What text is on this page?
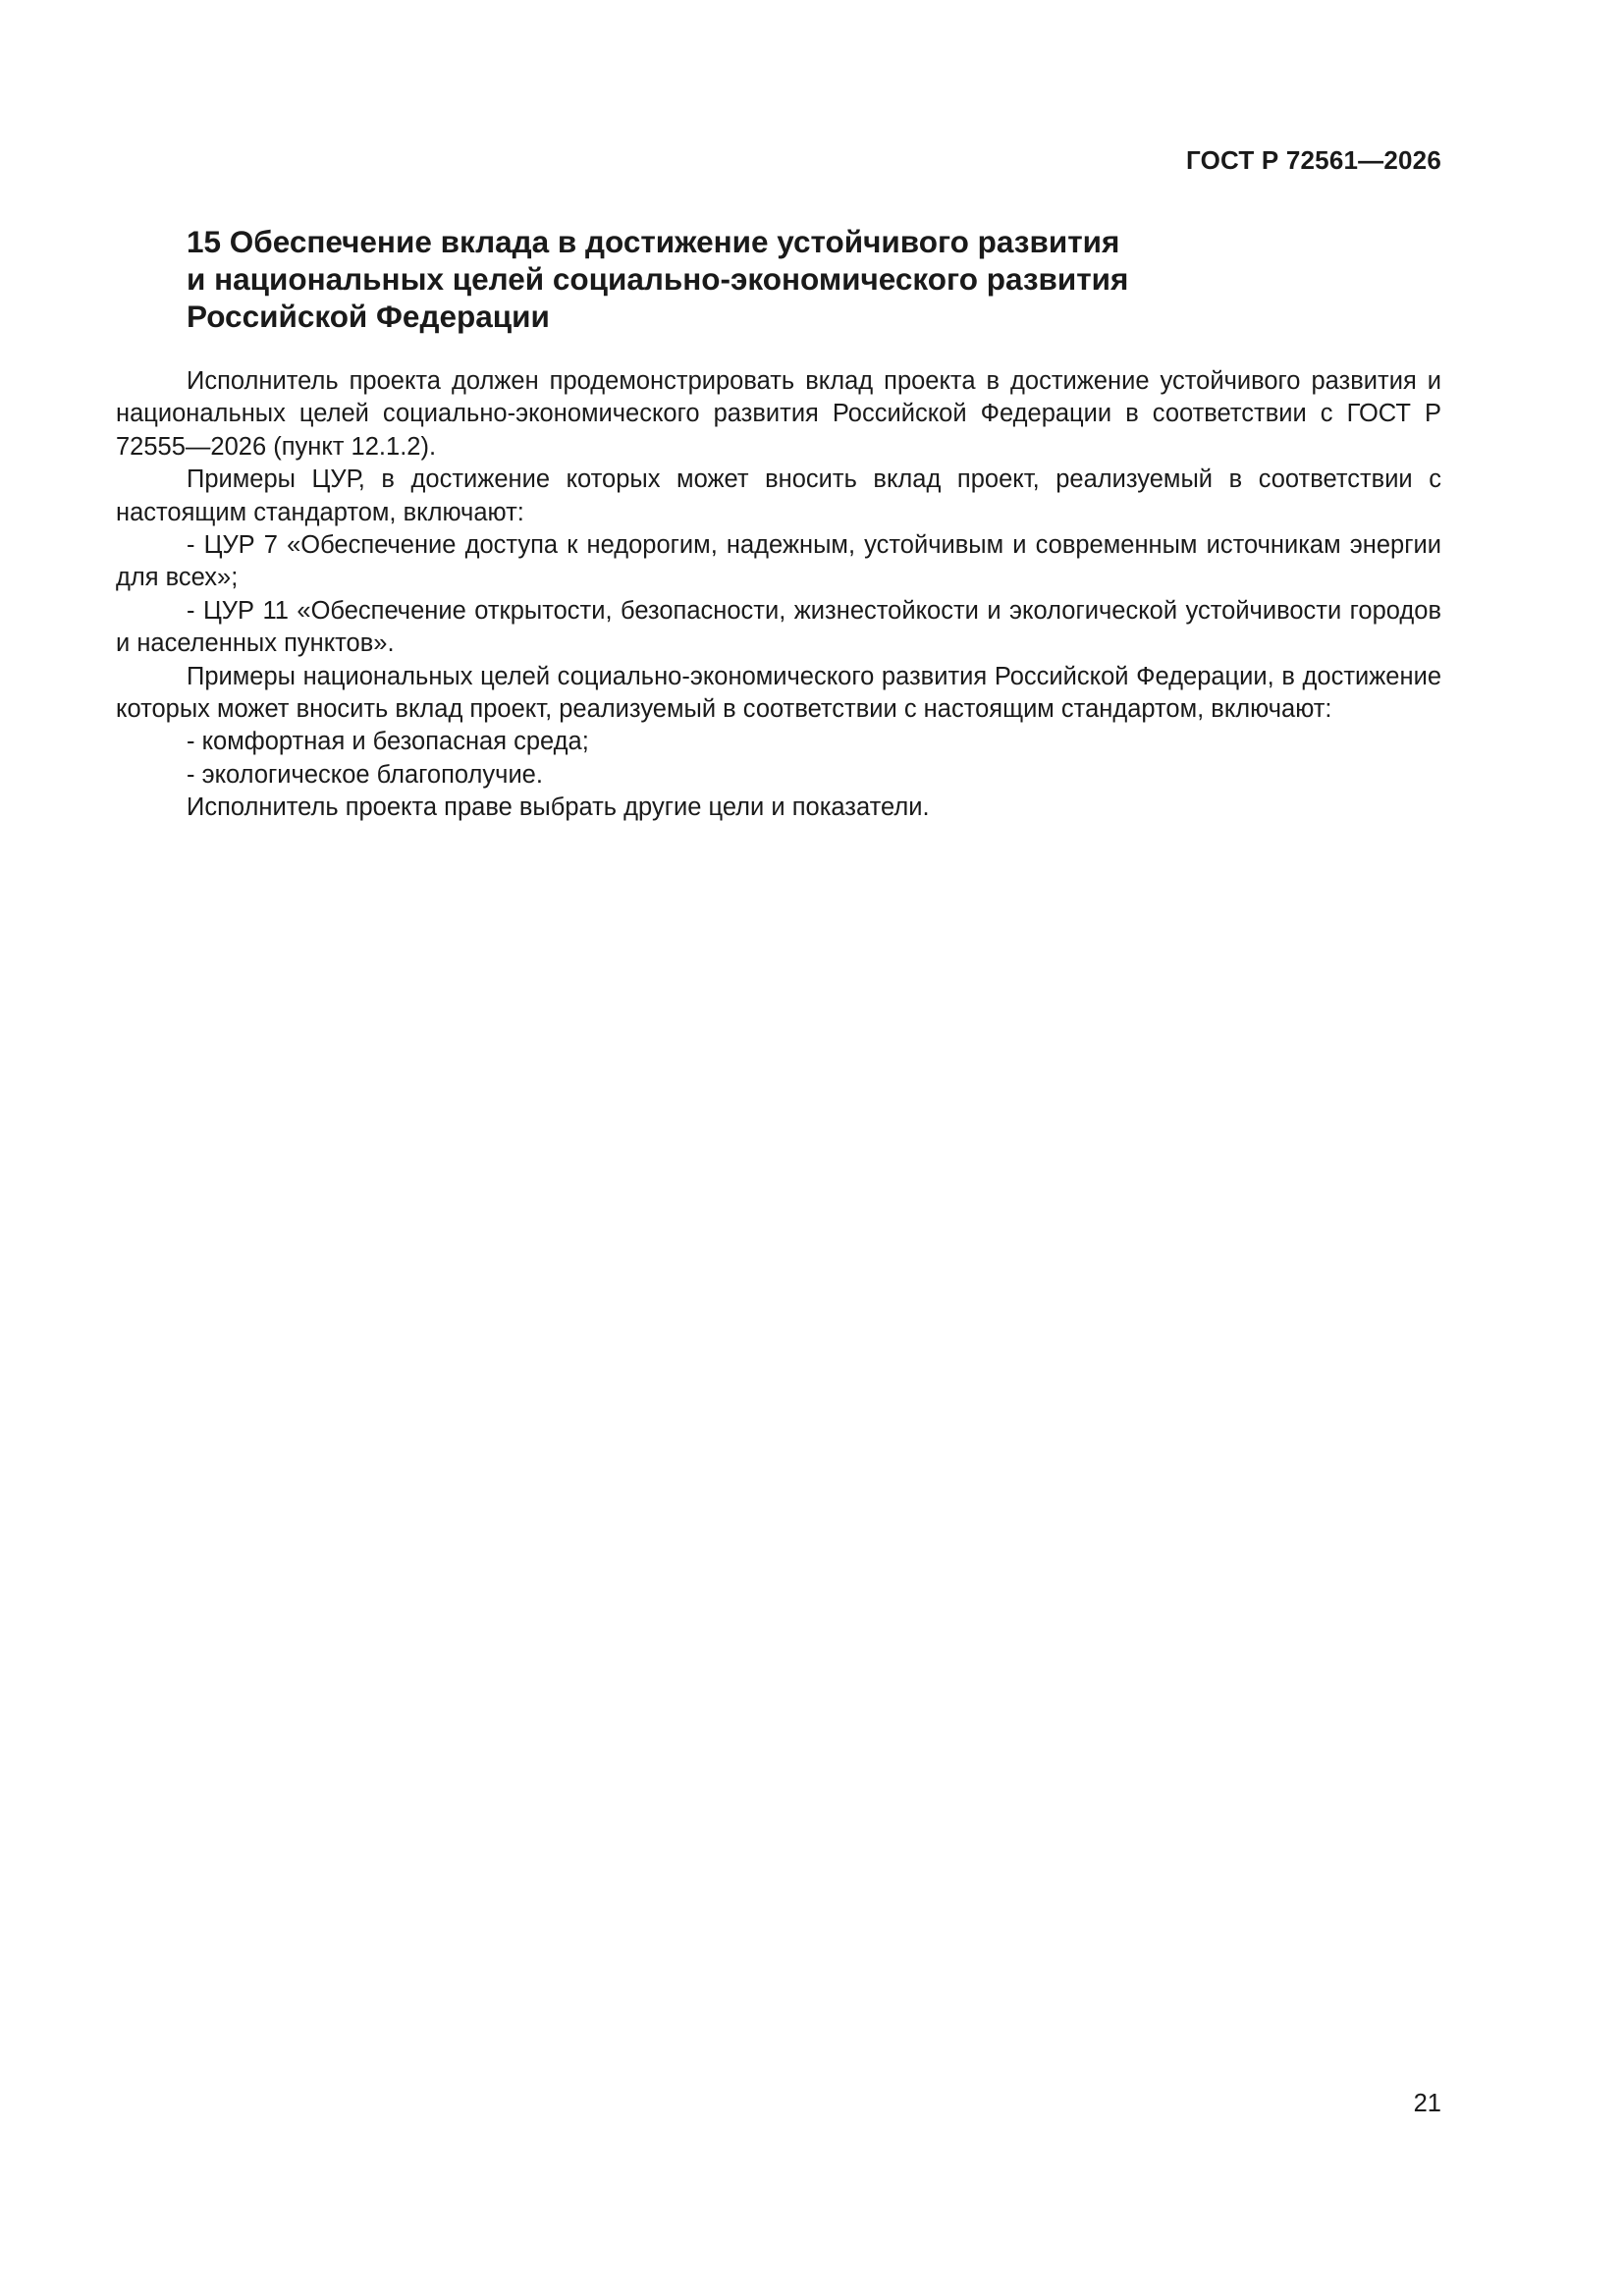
ГОСТ Р 72561—2026
15 Обеспечение вклада в достижение устойчивого развития
и национальных целей социально-экономического развития
Российской Федерации

Исполнитель проекта должен продемонстрировать вклад проекта в достижение устойчивого развития и национальных целей социально-экономического развития Российской Федерации в соответствии с ГОСТ Р 72555—2026 (пункт 12.1.2).

Примеры ЦУР, в достижение которых может вносить вклад проект, реализуемый в соответствии с настоящим стандартом, включают:

- ЦУР 7 «Обеспечение доступа к недорогим, надежным, устойчивым и современным источникам энергии для всех»;

- ЦУР 11 «Обеспечение открытости, безопасности, жизнестойкости и экологической устойчивости городов и населенных пунктов».

Примеры национальных целей социально-экономического развития Российской Федерации, в достижение которых может вносить вклад проект, реализуемый в соответствии с настоящим стандартом, включают:

- комфортная и безопасная среда;

- экологическое благополучие.

Исполнитель проекта праве выбрать другие цели и показатели.

21
